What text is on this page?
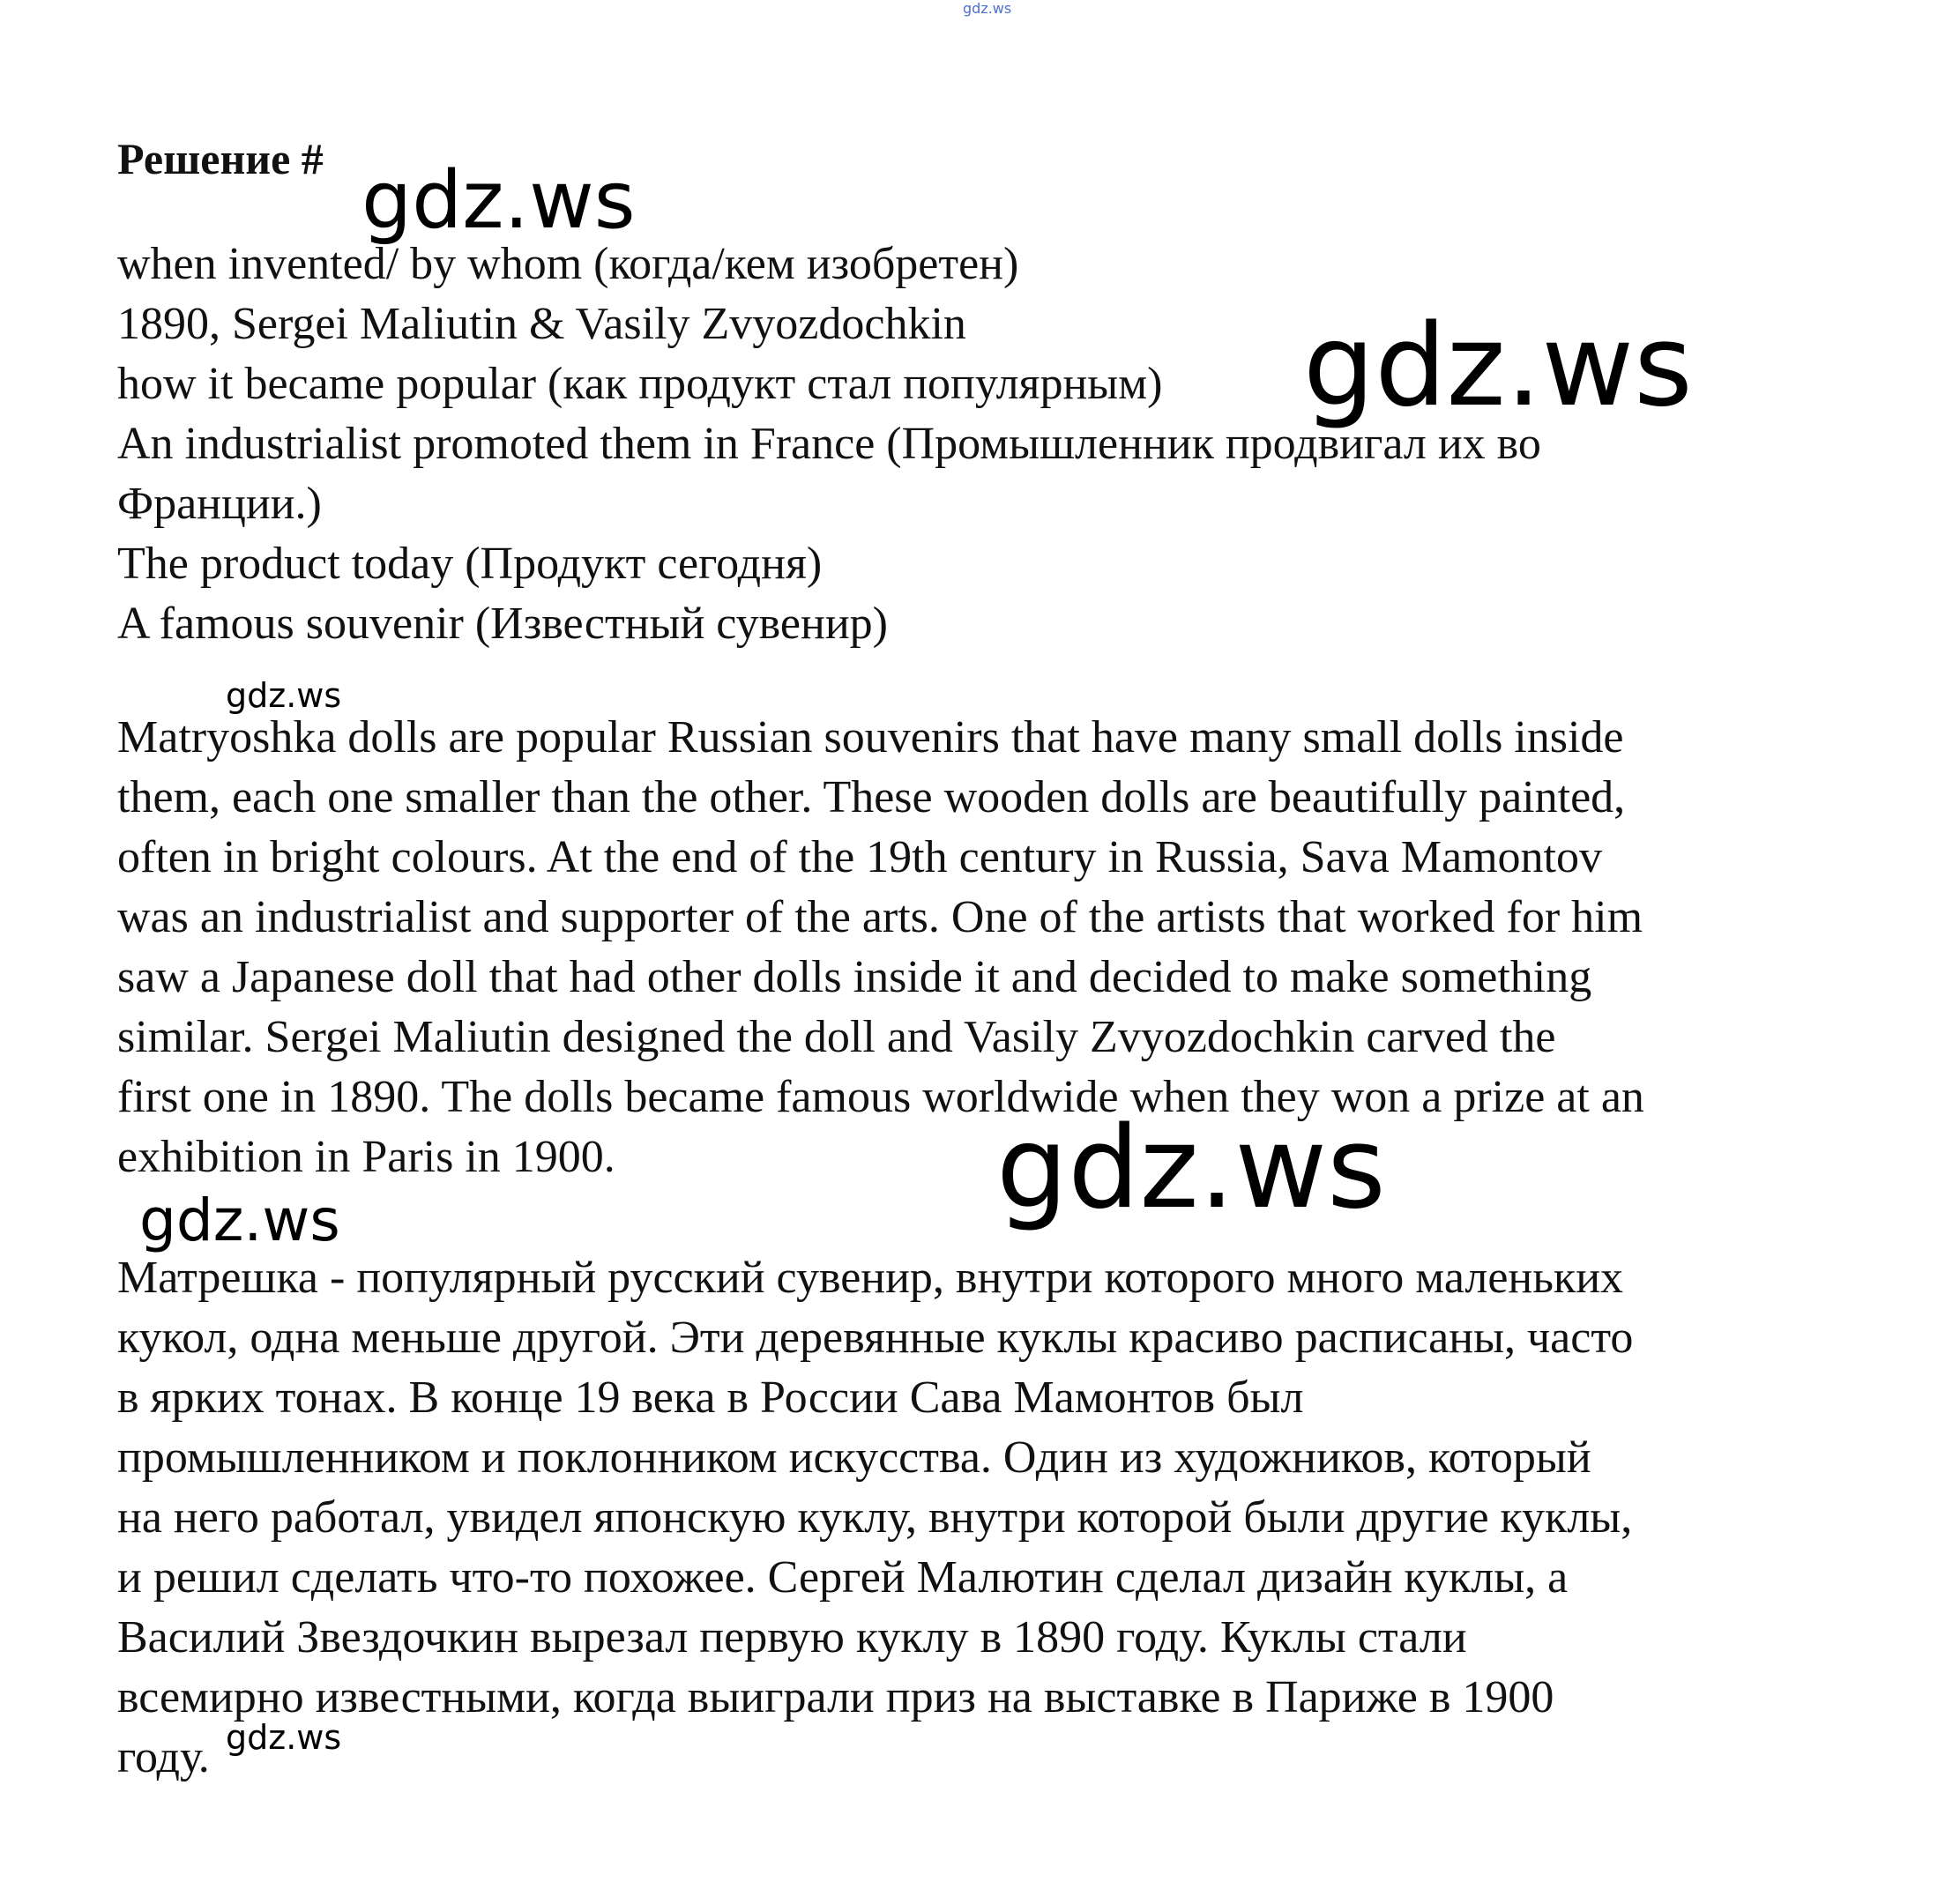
Решение #
when invented/ by whom (когда/кем изобретен)
1890, Sergei Maliutin & Vasily Zvyozdochkin
how it became popular (как продукт стал популярным)
An industrialist promoted them in France (Промышленник продвигал их во
Франции.)
The product today (Продукт сегодня)
A famous souvenir (Известный сувенир)
Matryoshka dolls are popular Russian souvenirs that have many small dolls inside
them, each one smaller than the other. These wooden dolls are beautifully painted,
often in bright colours. At the end of the 19th century in Russia, Sava Mamontov
was an industrialist and supporter of the arts. One of the artists that worked for him
saw a Japanese doll that had other dolls inside it and decided to make something
similar. Sergei Maliutin designed the doll and Vasily Zvyozdochkin carved the
first one in 1890. The dolls became famous worldwide when they won a prize at an
exhibition in Paris in 1900.
Матрешка - популярный русский сувенир, внутри которого много маленьких
кукол, одна меньше другой. Эти деревянные куклы красиво расписаны, часто
в ярких тонах. В конце 19 века в России Сава Мамонтов был
промышленником и поклонником искусства. Один из художников, который
на него работал, увидел японскую куклу, внутри которой были другие куклы,
и решил сделать что-то похожее. Сергей Малютин сделал дизайн куклы, а
Василий Звездочкин вырезал первую куклу в 1890 году. Куклы стали
всемирно известными, когда выиграли приз на выставке в Париже в 1900
году.
gdz.ws
gdz.ws
gdz.ws
gdz.ws
gdz.ws
gdz.ws
gdz.ws
